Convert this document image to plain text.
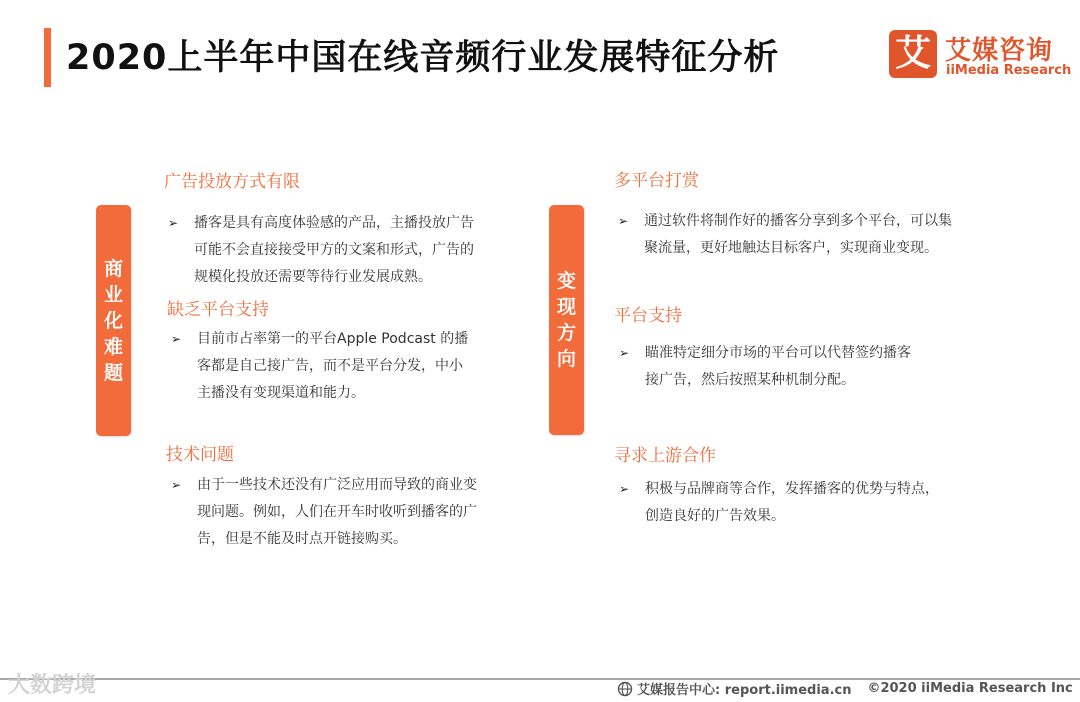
2020上半年中国在线音频行业发展特征分析	艾 艾媒咨询
iiMedia Research
商业化难题
变现方向
广告投放方式有限
➢	播客是具有高度体验感的产品，主播投放广告
可能不会直接接受甲方的文案和形式，广告的
规模化投放还需要等待行业发展成熟。
缺乏平台支持
➢	目前市占率第一的平台Apple Podcast 的播
客都是自己接广告，而不是平台分发，中小
主播没有变现渠道和能力。
技术问题
➢	由于一些技术还没有广泛应用而导致的商业变
现问题。例如，人们在开车时收听到播客的广
告，但是不能及时点开链接购买。
多平台打赏
➢	通过软件将制作好的播客分享到多个平台，可以集
聚流量，更好地触达目标客户，实现商业变现。
平台支持
➢	瞄准特定细分市场的平台可以代替签约播客
接广告，然后按照某种机制分配。
寻求上游合作
➢	积极与品牌商等合作，发挥播客的优势与特点，
创造良好的广告效果。
大数跨境	艾媒报告中心: report.iimedia.cn ©2020 iiMedia Research Inc
